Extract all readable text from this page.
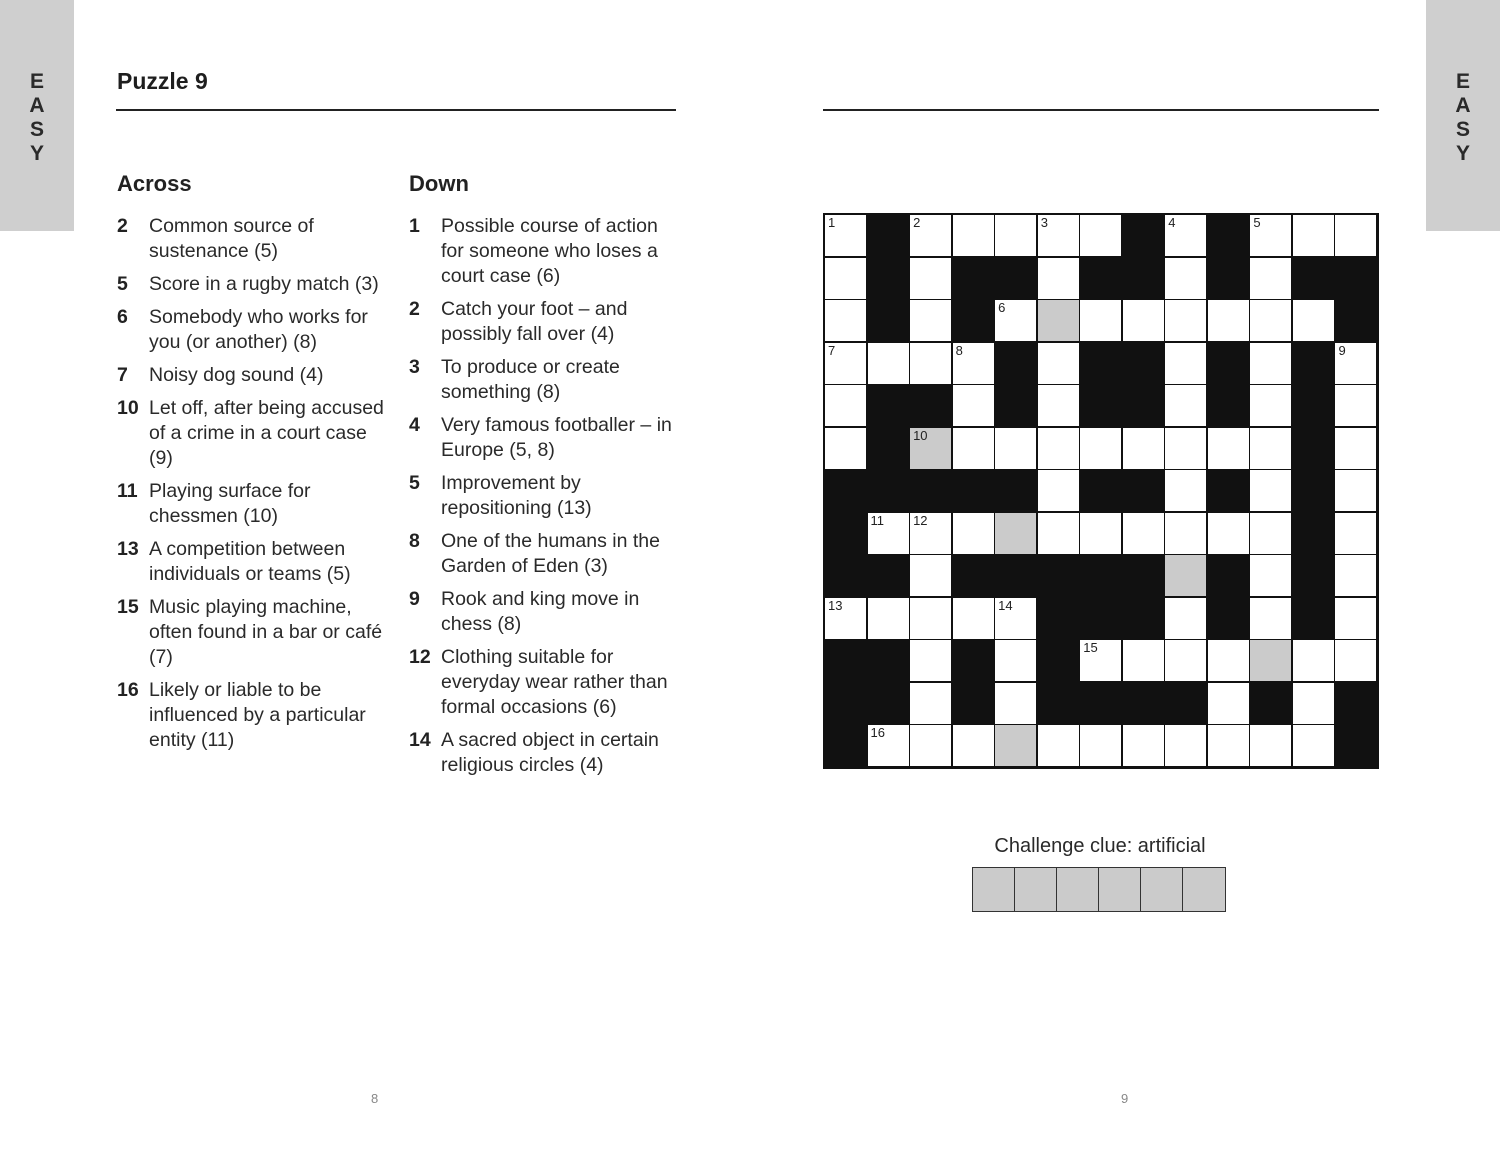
E
A
S
Y
E
A
S
Y
Puzzle 9
Across
2 Common source of sustenance (5)
5 Score in a rugby match (3)
6 Somebody who works for you (or another) (8)
7 Noisy dog sound (4)
10 Let off, after being accused of a crime in a court case (9)
11 Playing surface for chessmen (10)
13 A competition between individuals or teams (5)
15 Music playing machine, often found in a bar or café (7)
16 Likely or liable to be influenced by a particular entity (11)
Down
1 Possible course of action for someone who loses a court case (6)
2 Catch your foot – and possibly fall over (4)
3 To produce or create something (8)
4 Very famous footballer – in Europe (5, 8)
5 Improvement by repositioning (13)
8 One of the humans in the Garden of Eden (3)
9 Rook and king move in chess (8)
12 Clothing suitable for everyday wear rather than formal occasions (6)
14 A sacred object in certain religious circles (4)
1	2	3	4	5
6
7	8	9
10
11 12
13	14
15
16
Challenge clue: artificial
8	9
